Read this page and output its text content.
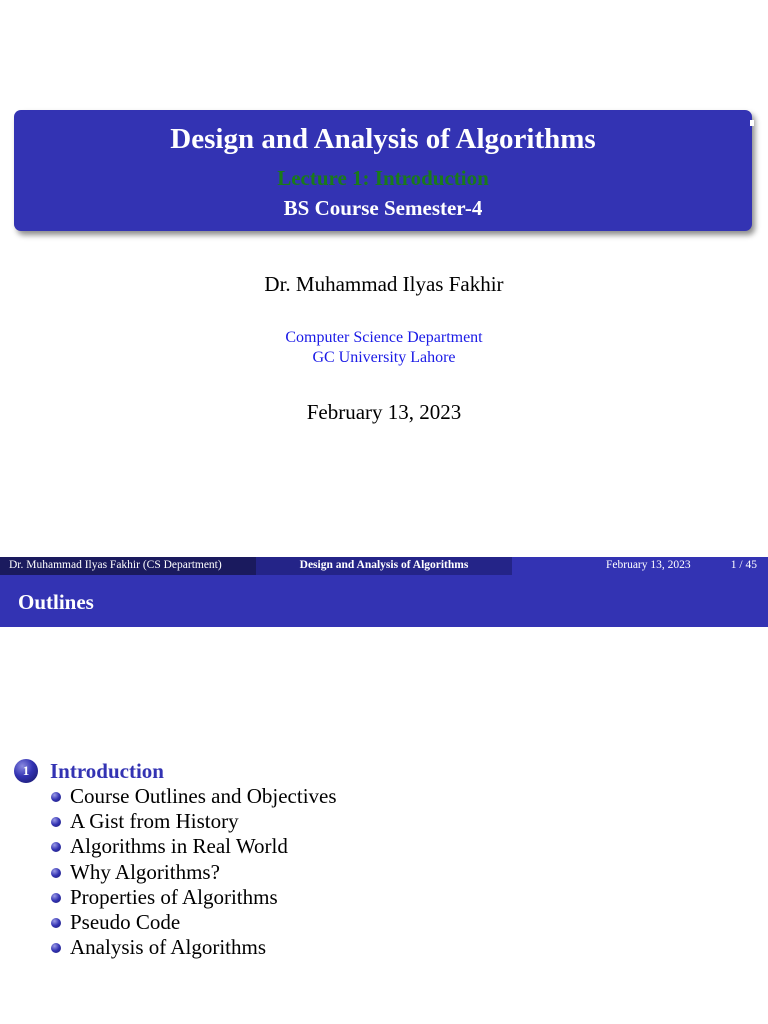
Design and Analysis of Algorithms
Lecture 1: Introduction
BS Course Semester-4
Dr. Muhammad Ilyas Fakhir
Computer Science Department
GC University Lahore
February 13, 2023
Dr. Muhammad Ilyas Fakhir (CS Department)	Design and Analysis of Algorithms	February 13, 2023	1 / 45
Outlines
1 Introduction
Course Outlines and Objectives
A Gist from History
Algorithms in Real World
Why Algorithms?
Properties of Algorithms
Pseudo Code
Analysis of Algorithms
